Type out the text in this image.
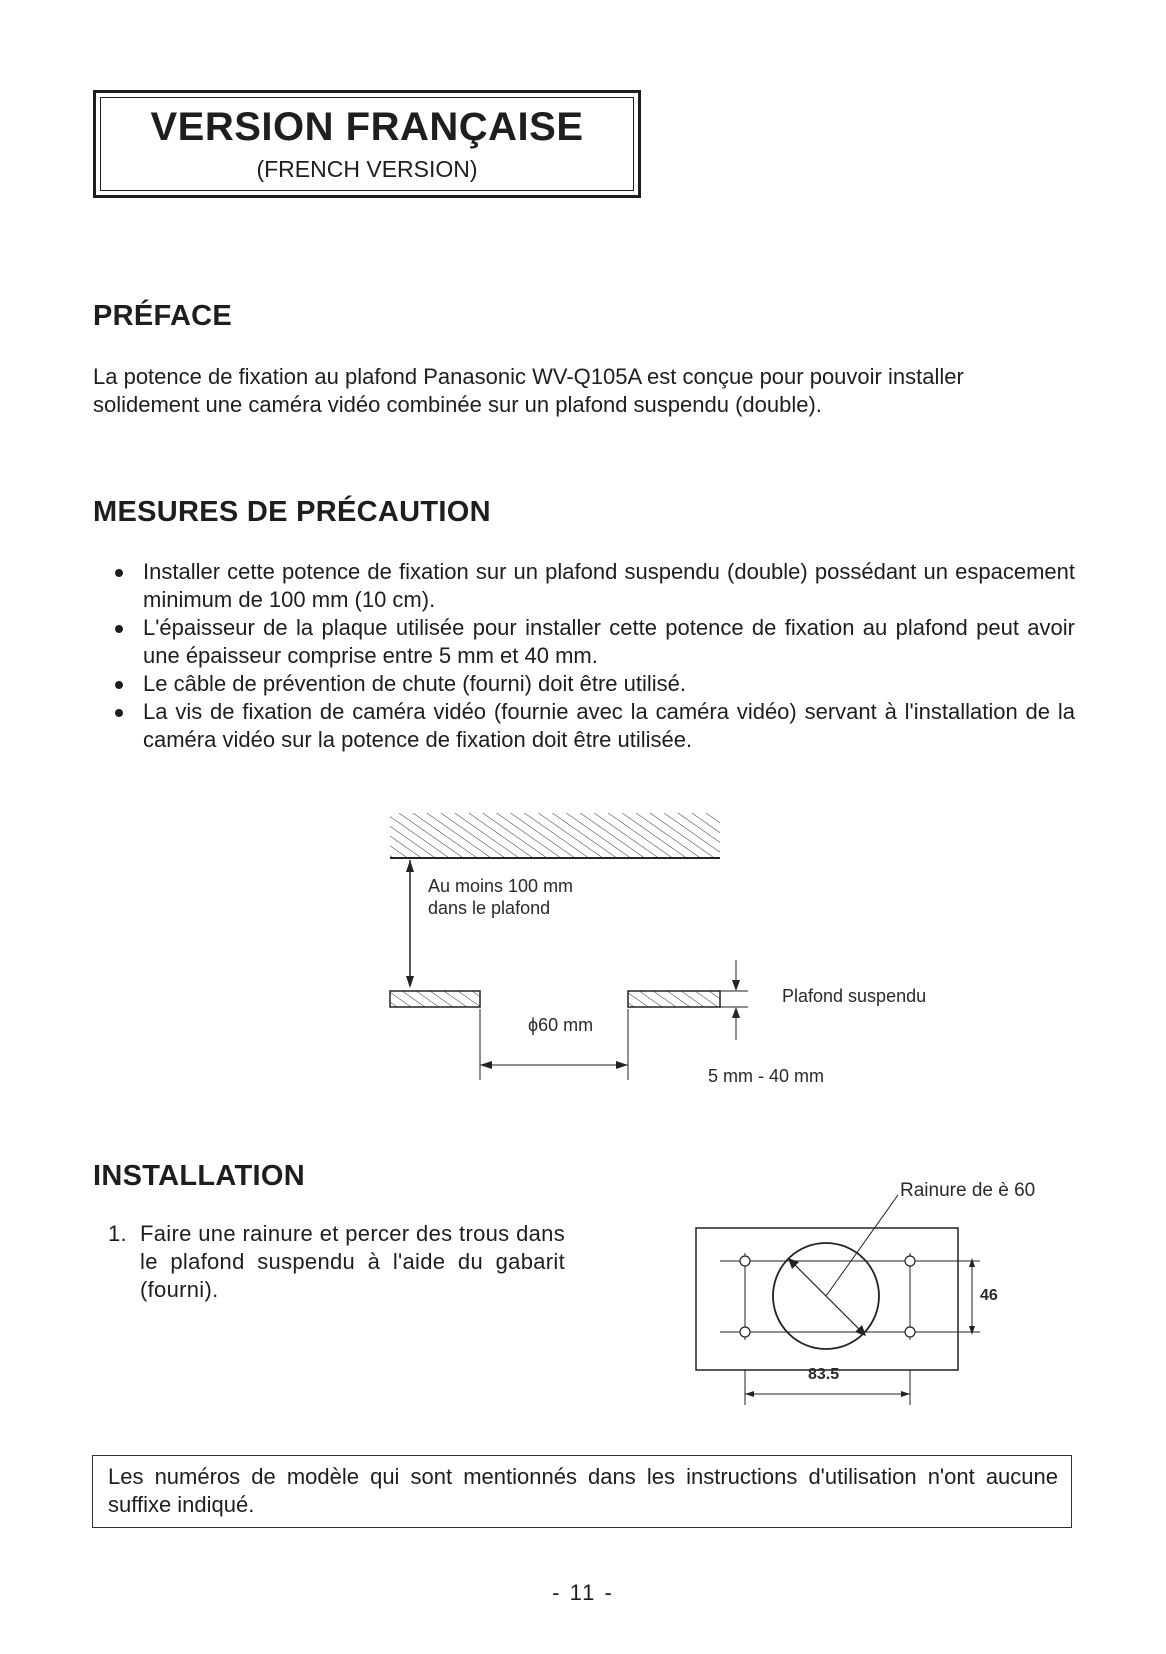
VERSION FRANÇAISE
(FRENCH VERSION)
PRÉFACE
La potence de fixation au plafond Panasonic WV-Q105A est conçue pour pouvoir installer
solidement une caméra vidéo combinée sur un plafond suspendu (double).
MESURES DE PRÉCAUTION
Installer cette potence de fixation sur un plafond suspendu (double) possédant un espacement minimum de 100 mm (10 cm).
L'épaisseur de la plaque utilisée pour installer cette potence de fixation au plafond peut avoir une épaisseur comprise entre 5 mm et 40 mm.
Le câble de prévention de chute (fourni) doit être utilisé.
La vis de fixation de caméra vidéo (fournie avec la caméra vidéo) servant à l'installation de la caméra vidéo sur la potence de fixation doit être utilisée.
Au moins 100 mm
dans le plafond
ϕ60 mm
Plafond suspendu
5 mm - 40 mm
INSTALLATION
1. Faire une rainure et percer des trous dans le plafond suspendu à l'aide du gabarit (fourni).
Rainure de è 60
46
83.5
Les numéros de modèle qui sont mentionnés dans les instructions d'utilisation n'ont aucune suffixe indiqué.
- 11 -
